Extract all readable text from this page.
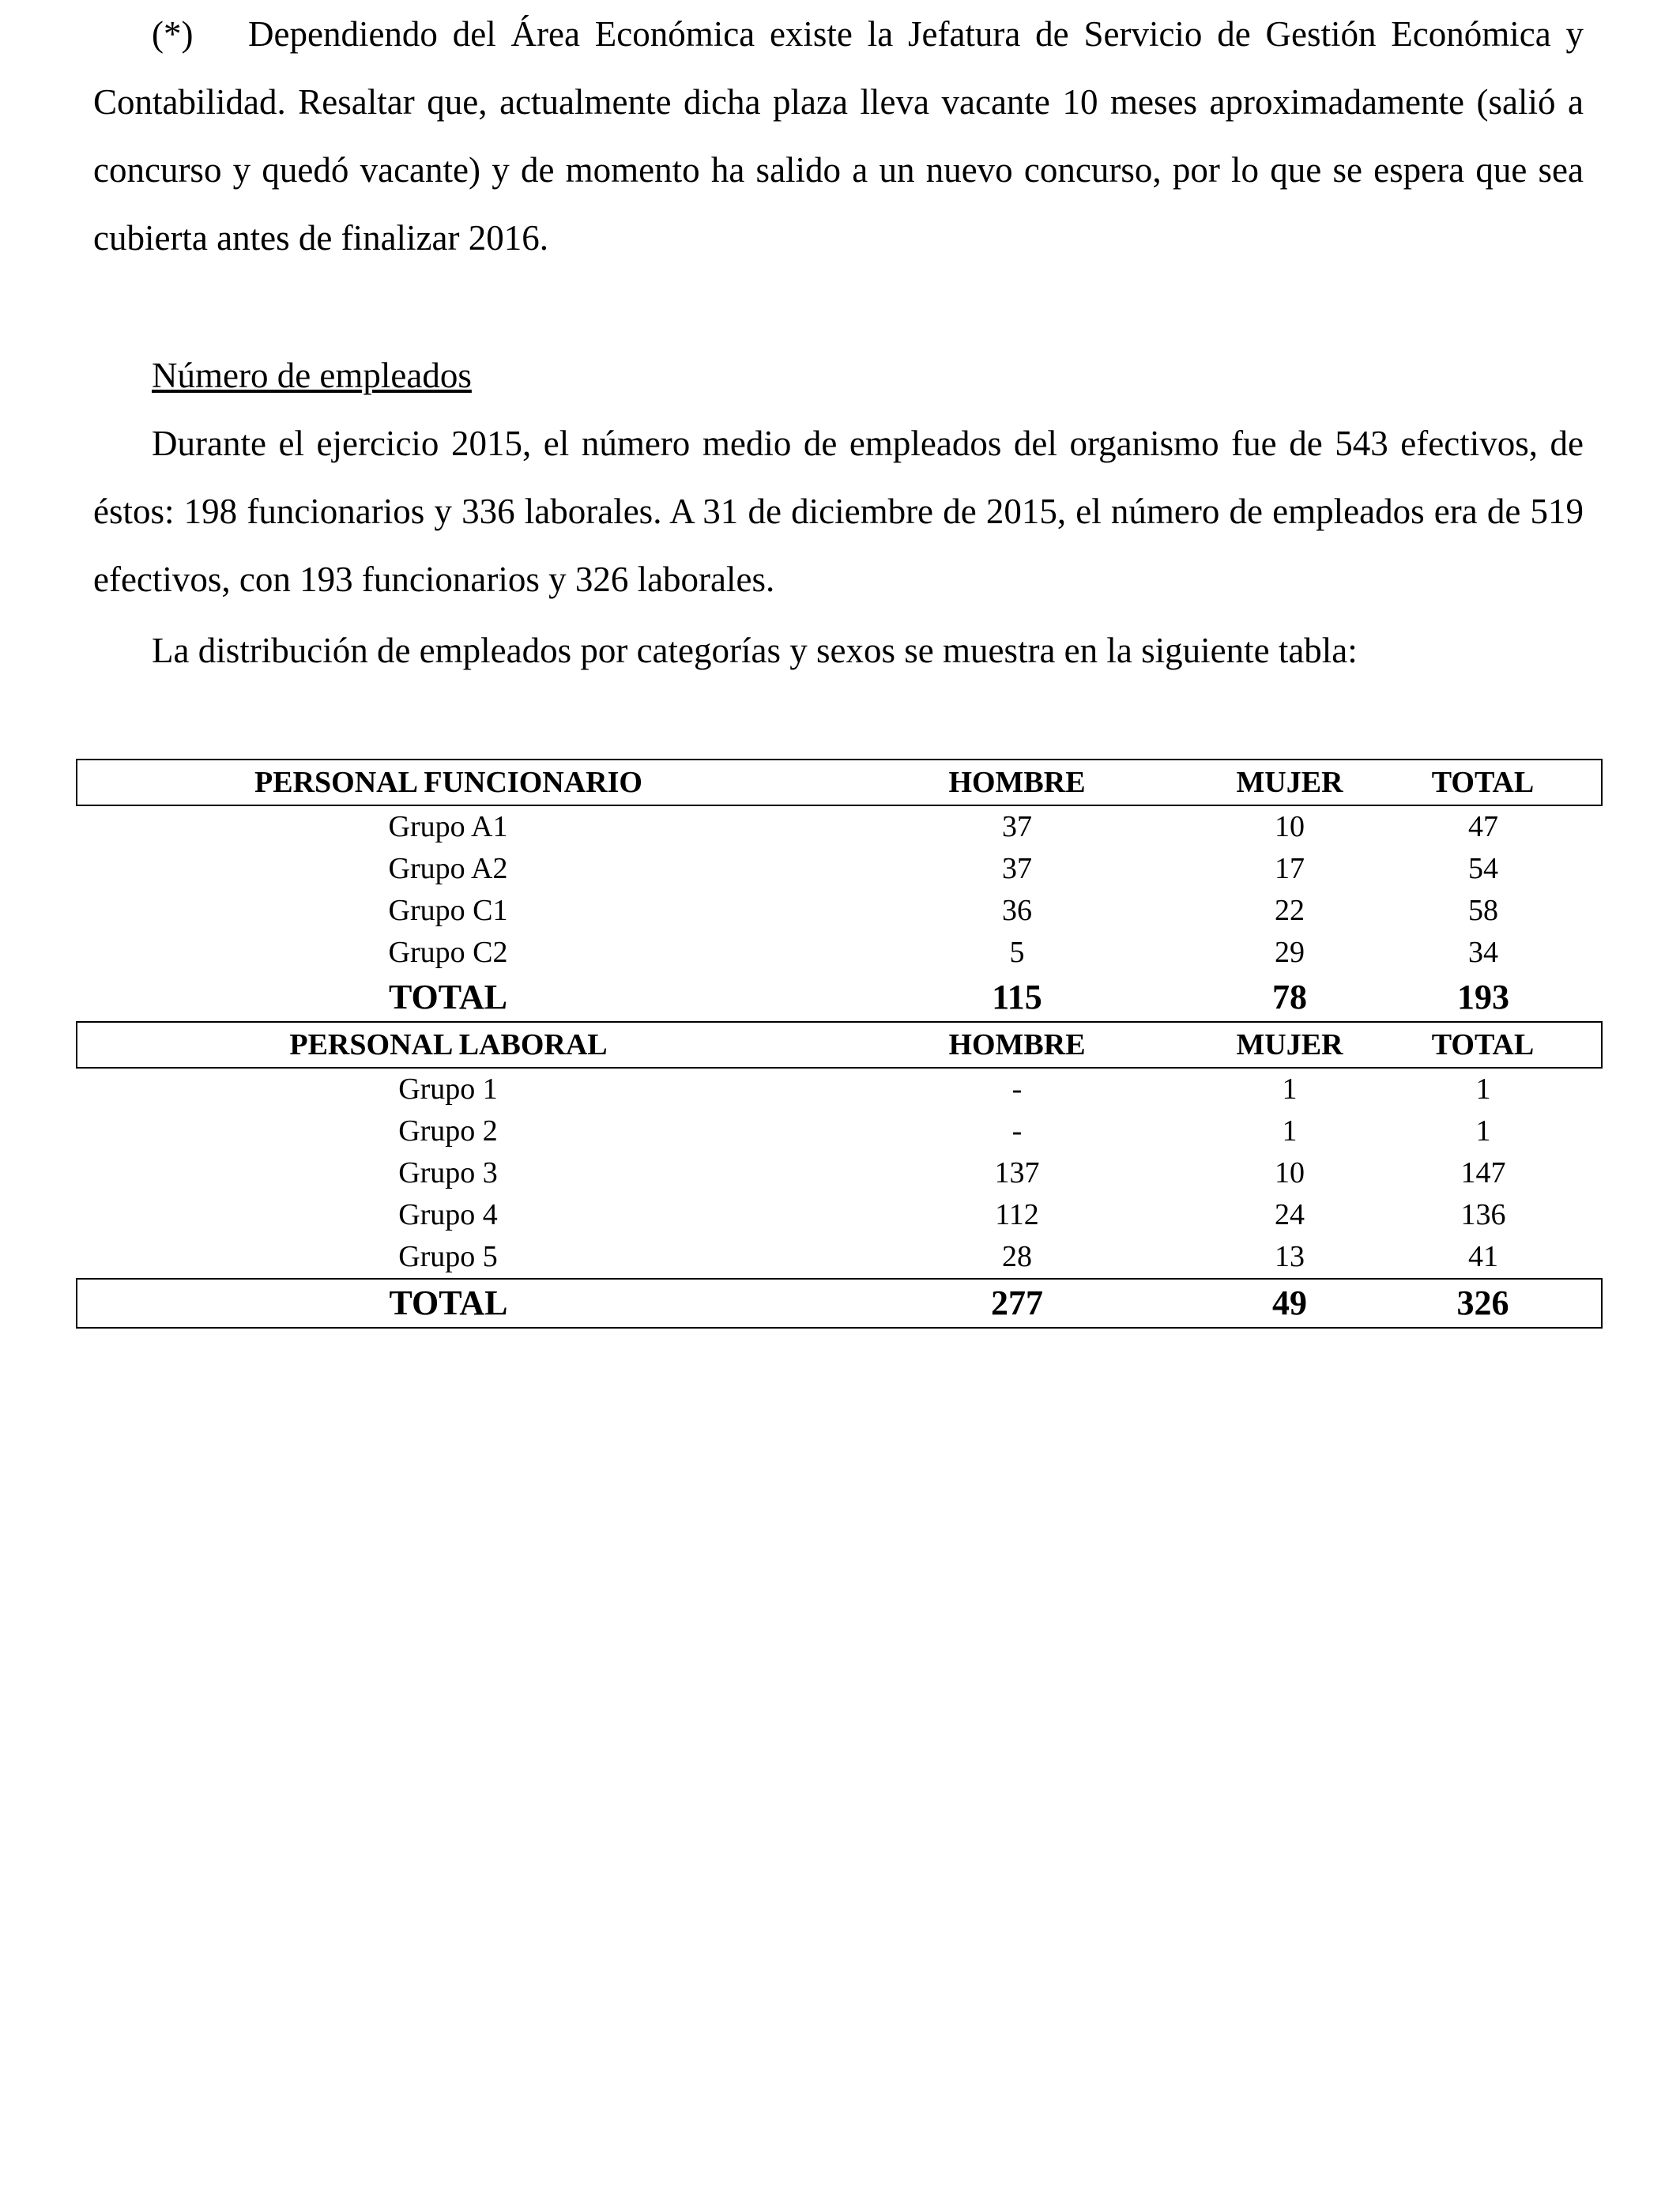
(*) Dependiendo del Área Económica existe la Jefatura de Servicio de Gestión Económica y Contabilidad. Resaltar que, actualmente dicha plaza lleva vacante 10 meses aproximadamente (salió a concurso y quedó vacante) y de momento ha salido a un nuevo concurso, por lo que se espera que sea cubierta antes de finalizar 2016.

Número de empleados

Durante el ejercicio 2015, el número medio de empleados del organismo fue de 543 efectivos, de éstos: 198 funcionarios y 336 laborales. A 31 de diciembre de 2015, el número de empleados era de 519 efectivos, con 193 funcionarios y 326 laborales.

La distribución de empleados por categorías y sexos se muestra en la siguiente tabla:

PERSONAL FUNCIONARIO	HOMBRE	MUJER	TOTAL
Grupo A1	37	10	47
Grupo A2	37	17	54
Grupo C1	36	22	58
Grupo C2	5	29	34
TOTAL	115	78	193
PERSONAL LABORAL	HOMBRE	MUJER	TOTAL
Grupo 1	-	1	1
Grupo 2	-	1	1
Grupo 3	137	10	147
Grupo 4	112	24	136
Grupo 5	28	13	41
TOTAL	277	49	326
